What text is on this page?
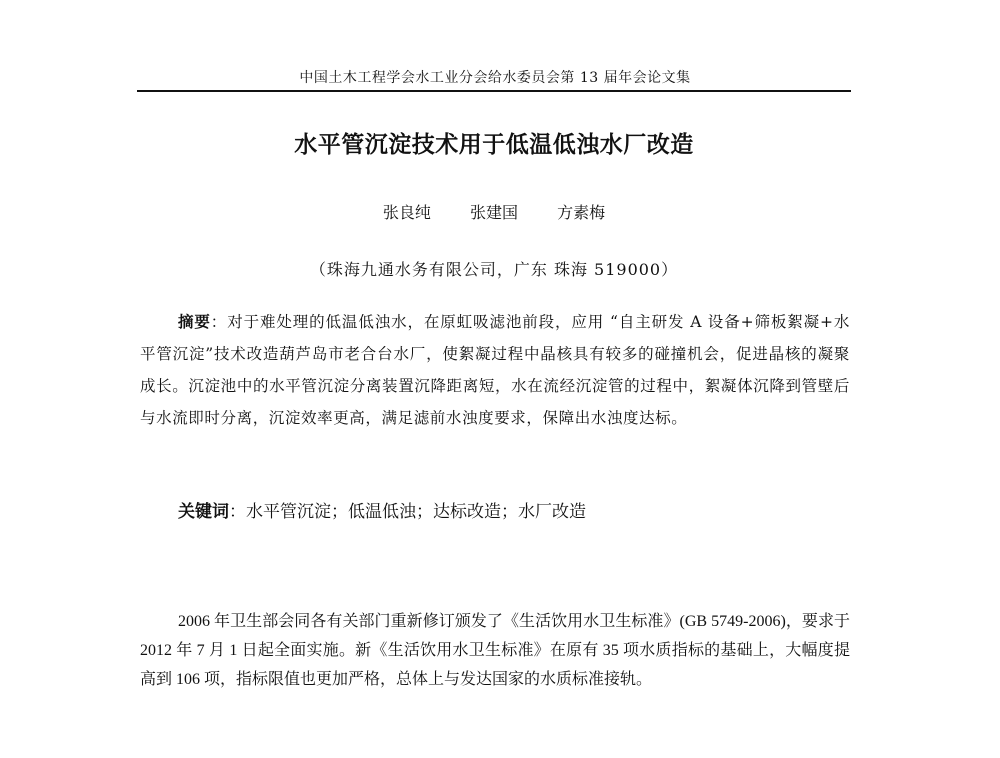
中国土木工程学会水工业分会给水委员会第 13 届年会论文集
水平管沉淀技术用于低温低浊水厂改造
张良纯 张建国 方素梅
（珠海九通水务有限公司，广东 珠海 519000）
摘要：对于难处理的低温低浊水，在原虹吸滤池前段，应用 “自主研发 A 设备+筛板絮凝+水平管沉淀”技术改造葫芦岛市老合台水厂，使絮凝过程中晶核具有较多的碰撞机会，促进晶核的凝聚成长。沉淀池中的水平管沉淀分离装置沉降距离短，水在流经沉淀管的过程中，絮凝体沉降到管壁后与水流即时分离，沉淀效率更高，满足滤前水浊度要求，保障出水浊度达标。
关键词：水平管沉淀；低温低浊；达标改造；水厂改造
2006 年卫生部会同各有关部门重新修订颁发了《生活饮用水卫生标准》(GB 5749-2006)，要求于 2012 年 7 月 1 日起全面实施。新《生活饮用水卫生标准》在原有 35 项水质指标的基础上，大幅度提高到 106 项，指标限值也更加严格，总体上与发达国家的水质标准接轨。
